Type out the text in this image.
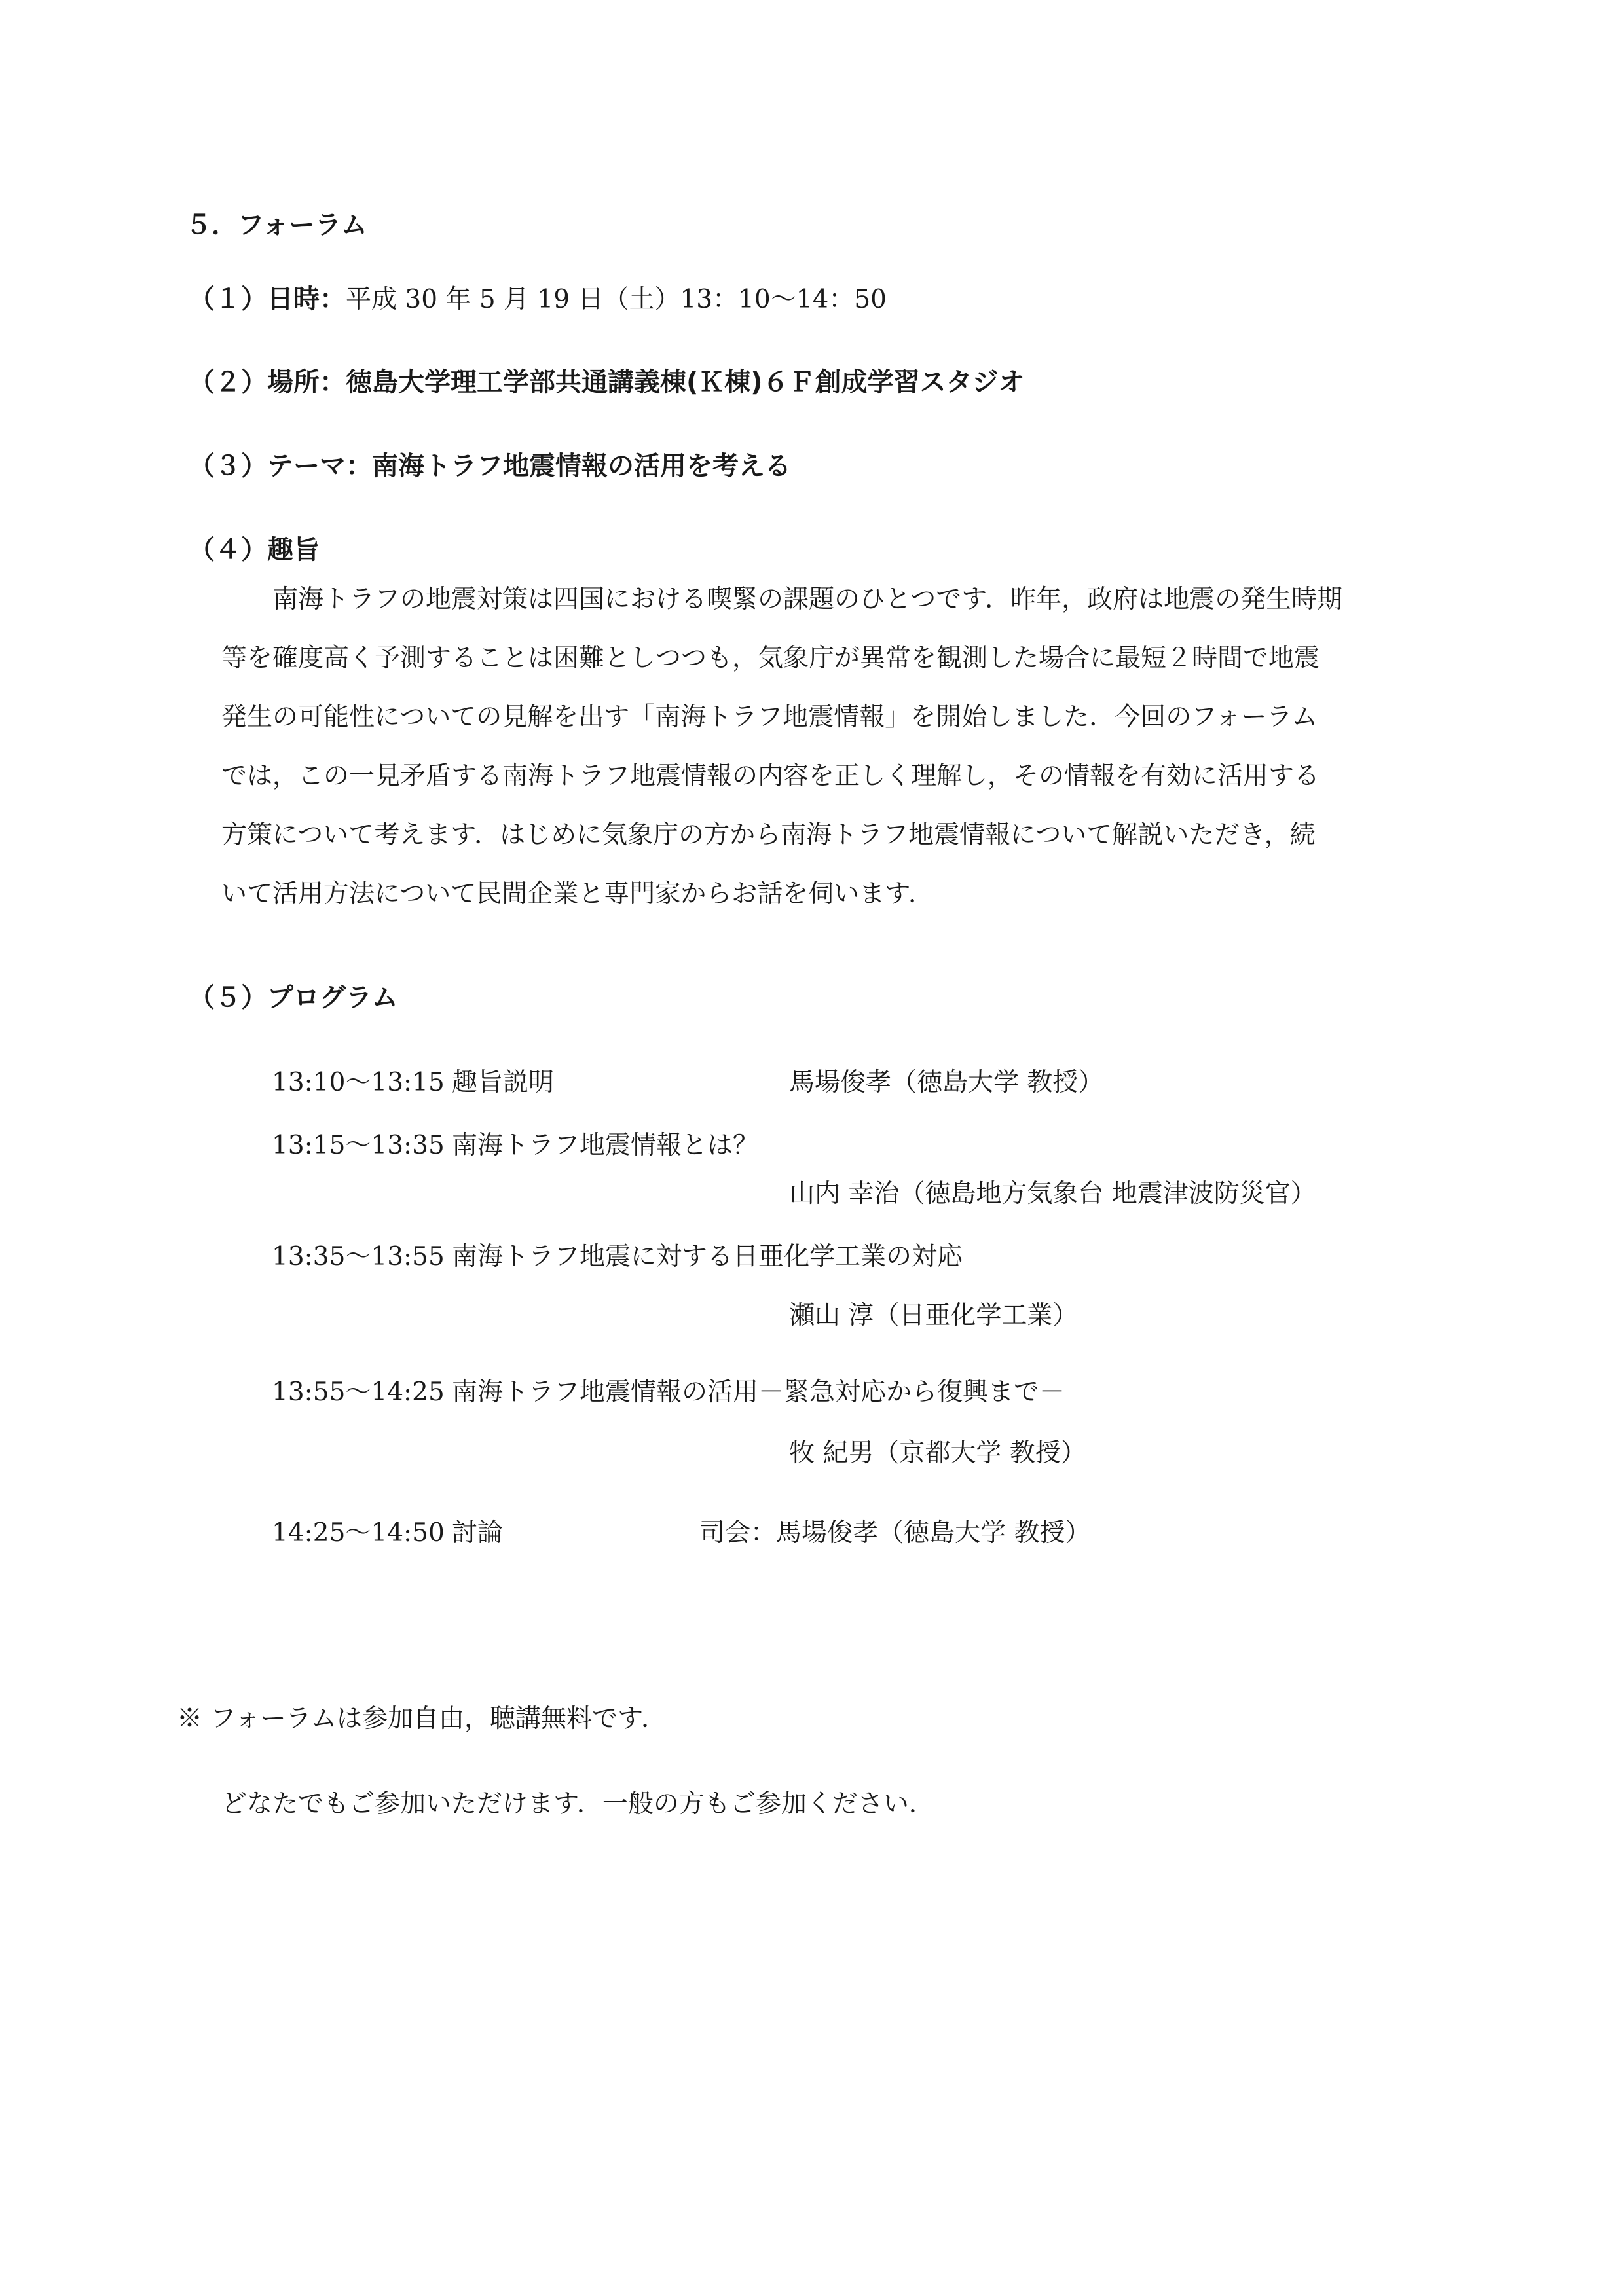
５．フォーラム
（１）日時：平成 30 年 5 月 19 日（土）13：10〜14：50
（２）場所：徳島大学理工学部共通講義棟(Ｋ棟)６Ｆ創成学習スタジオ
（３）テーマ：南海トラフ地震情報の活用を考える
（４）趣旨
南海トラフの地震対策は四国における喫緊の課題のひとつです．昨年，政府は地震の発生時期
等を確度高く予測することは困難としつつも，気象庁が異常を観測した場合に最短２時間で地震
発生の可能性についての見解を出す「南海トラフ地震情報」を開始しました．今回のフォーラム
では，この一見矛盾する南海トラフ地震情報の内容を正しく理解し，その情報を有効に活用する
方策について考えます．はじめに気象庁の方から南海トラフ地震情報について解説いただき，続
いて活用方法について民間企業と専門家からお話を伺います．
（５）プログラム
13:10〜13:15 趣旨説明	馬場俊孝（徳島大学 教授）
13:15〜13:35 南海トラフ地震情報とは？
山内 幸治（徳島地方気象台 地震津波防災官）
13:35〜13:55 南海トラフ地震に対する日亜化学工業の対応
瀬山 淳（日亜化学工業）
13:55〜14:25 南海トラフ地震情報の活用－緊急対応から復興まで－
牧 紀男（京都大学 教授）
14:25〜14:50 討論	司会：馬場俊孝（徳島大学 教授）
※ フォーラムは参加自由，聴講無料です．
どなたでもご参加いただけます．一般の方もご参加ください．
